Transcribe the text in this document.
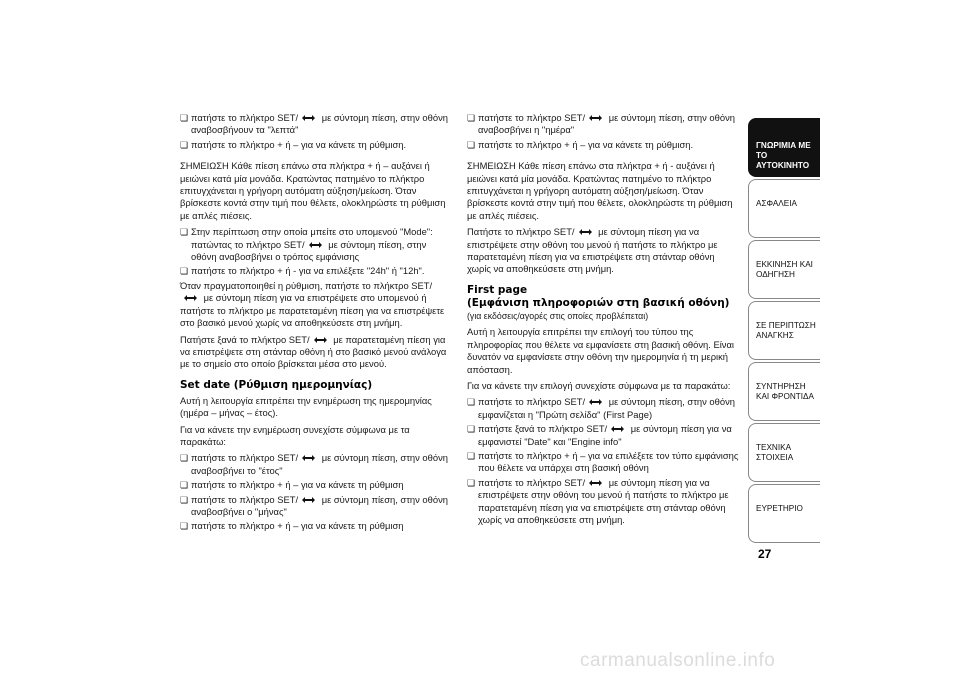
❏ πατήστε το πλήκτρο SET/	με σύντομη πίεση, στην οθόνη αναβοσβήνουν τα "λεπτά"

❏ πατήστε το πλήκτρο + ή – για να κάνετε τη ρύθμιση.

ΣΗΜΕΙΩΣΗ Κάθε πίεση επάνω στα πλήκτρα + ή – αυξάνει ή μειώνει κατά μία μονάδα. Κρατώντας πατημένο το πλήκτρο επιτυγχάνεται η γρήγορη αυτόματη αύξηση/μείωση. Όταν βρίσκεστε κοντά στην τιμή που θέλετε, ολοκληρώστε τη ρύθμιση με απλές πιέσεις.

❏ Στην περίπτωση στην οποία μπείτε στο υπομενού "Mode": πατώντας το πλήκτρο SET/	με σύντομη πίεση, στην οθόνη αναβοσβήνει ο τρόπος εμφάνισης

❏ πατήστε το πλήκτρο + ή - για να επιλέξετε "24h" ή "12h".

Όταν πραγματοποιηθεί η ρύθμιση, πατήστε το πλήκτρο SET/ με σύντομη πίεση για να επιστρέψετε στο υπομενού ή πατήστε το πλήκτρο με παρατεταμένη πίεση για να επιστρέψετε στο βασικό μενού χωρίς να αποθηκεύσετε στη μνήμη.

Πατήστε ξανά το πλήκτρο SET/	με παρατεταμένη πίεση για να επιστρέψετε στη στάνταρ οθόνη ή στο βασικό μενού ανάλογα με το σημείο στο οποίο βρίσκεται μέσα στο μενού.

Set date (Ρύθμιση ημερομηνίας)

Αυτή η λειτουργία επιτρέπει την ενημέρωση της ημερομηνίας (ημέρα – μήνας – έτος).

Για να κάνετε την ενημέρωση συνεχίστε σύμφωνα με τα παρακάτω:

❏ πατήστε το πλήκτρο SET/	με σύντομη πίεση, στην οθόνη αναβοσβήνει το "έτος"

❏ πατήστε το πλήκτρο + ή – για να κάνετε τη ρύθμιση

❏ πατήστε το πλήκτρο SET/	με σύντομη πίεση, στην οθόνη αναβοσβήνει ο "μήνας"

❏ πατήστε το πλήκτρο + ή – για να κάνετε τη ρύθμιση

❏ πατήστε το πλήκτρο SET/	με σύντομη πίεση, στην οθόνη αναβοσβήνει η "ημέρα"

❏ πατήστε το πλήκτρο + ή – για να κάνετε τη ρύθμιση.

ΣΗΜΕΙΩΣΗ Κάθε πίεση επάνω στα πλήκτρα + ή - αυξάνει ή μειώνει κατά μία μονάδα. Κρατώντας πατημένο το πλήκτρο επιτυγχάνεται η γρήγορη αυτόματη αύξηση/μείωση. Όταν βρίσκεστε κοντά στην τιμή που θέλετε, ολοκληρώστε τη ρύθμιση με απλές πιέσεις.

Πατήστε το πλήκτρο SET/	με σύντομη πίεση για να επιστρέψετε στην οθόνη του μενού ή πατήστε το πλήκτρο με παρατεταμένη πίεση για να επιστρέψετε στη στάνταρ οθόνη χωρίς να αποθηκεύσετε στη μνήμη.

First page
(Εμφάνιση πληροφοριών στη βασική οθόνη)

(για εκδόσεις/αγορές στις οποίες προβλέπεται)

Αυτή η λειτουργία επιτρέπει την επιλογή του τύπου της πληροφορίας που θέλετε να εμφανίσετε στη βασική οθόνη. Είναι δυνατόν να εμφανίσετε στην οθόνη την ημερομηνία ή τη μερική απόσταση.

Για να κάνετε την επιλογή συνεχίστε σύμφωνα με τα παρακάτω:

❏ πατήστε το πλήκτρο SET/	με σύντομη πίεση, στην οθόνη εμφανίζεται η "Πρώτη σελίδα" (First Page)

❏ πατήστε ξανά το πλήκτρο SET/	με σύντομη πίεση για να εμφανιστεί "Date" και "Engine info"

❏ πατήστε το πλήκτρο + ή – για να επιλέξετε τον τύπο εμφάνισης που θέλετε να υπάρχει στη βασική οθόνη

❏ πατήστε το πλήκτρο SET/	με σύντομη πίεση για να επιστρέψετε στην οθόνη του μενού ή πατήστε το πλήκτρο με παρατεταμένη πίεση για να επιστρέψετε στη στάνταρ οθόνη χωρίς να αποθηκεύσετε στη μνήμη.

ΓΝΩΡΙΜΙΑ ΜΕ ΤΟ ΑΥΤΟΚΙΝΗΤΟ
ΑΣΦΑΛΕΙΑ
ΕΚΚΙΝΗΣΗ ΚΑΙ ΟΔΗΓΗΣΗ
ΣΕ ΠΕΡΙΠΤΩΣΗ ΑΝΑΓΚΗΣ
ΣΥΝΤΗΡΗΣΗ ΚΑΙ ΦΡΟΝΤΙΔΑ
ΤΕΧΝΙΚΑ ΣΤΟΙΧΕΙΑ
ΕΥΡΕΤΗΡΙΟ
27
carmanualsonline.info
